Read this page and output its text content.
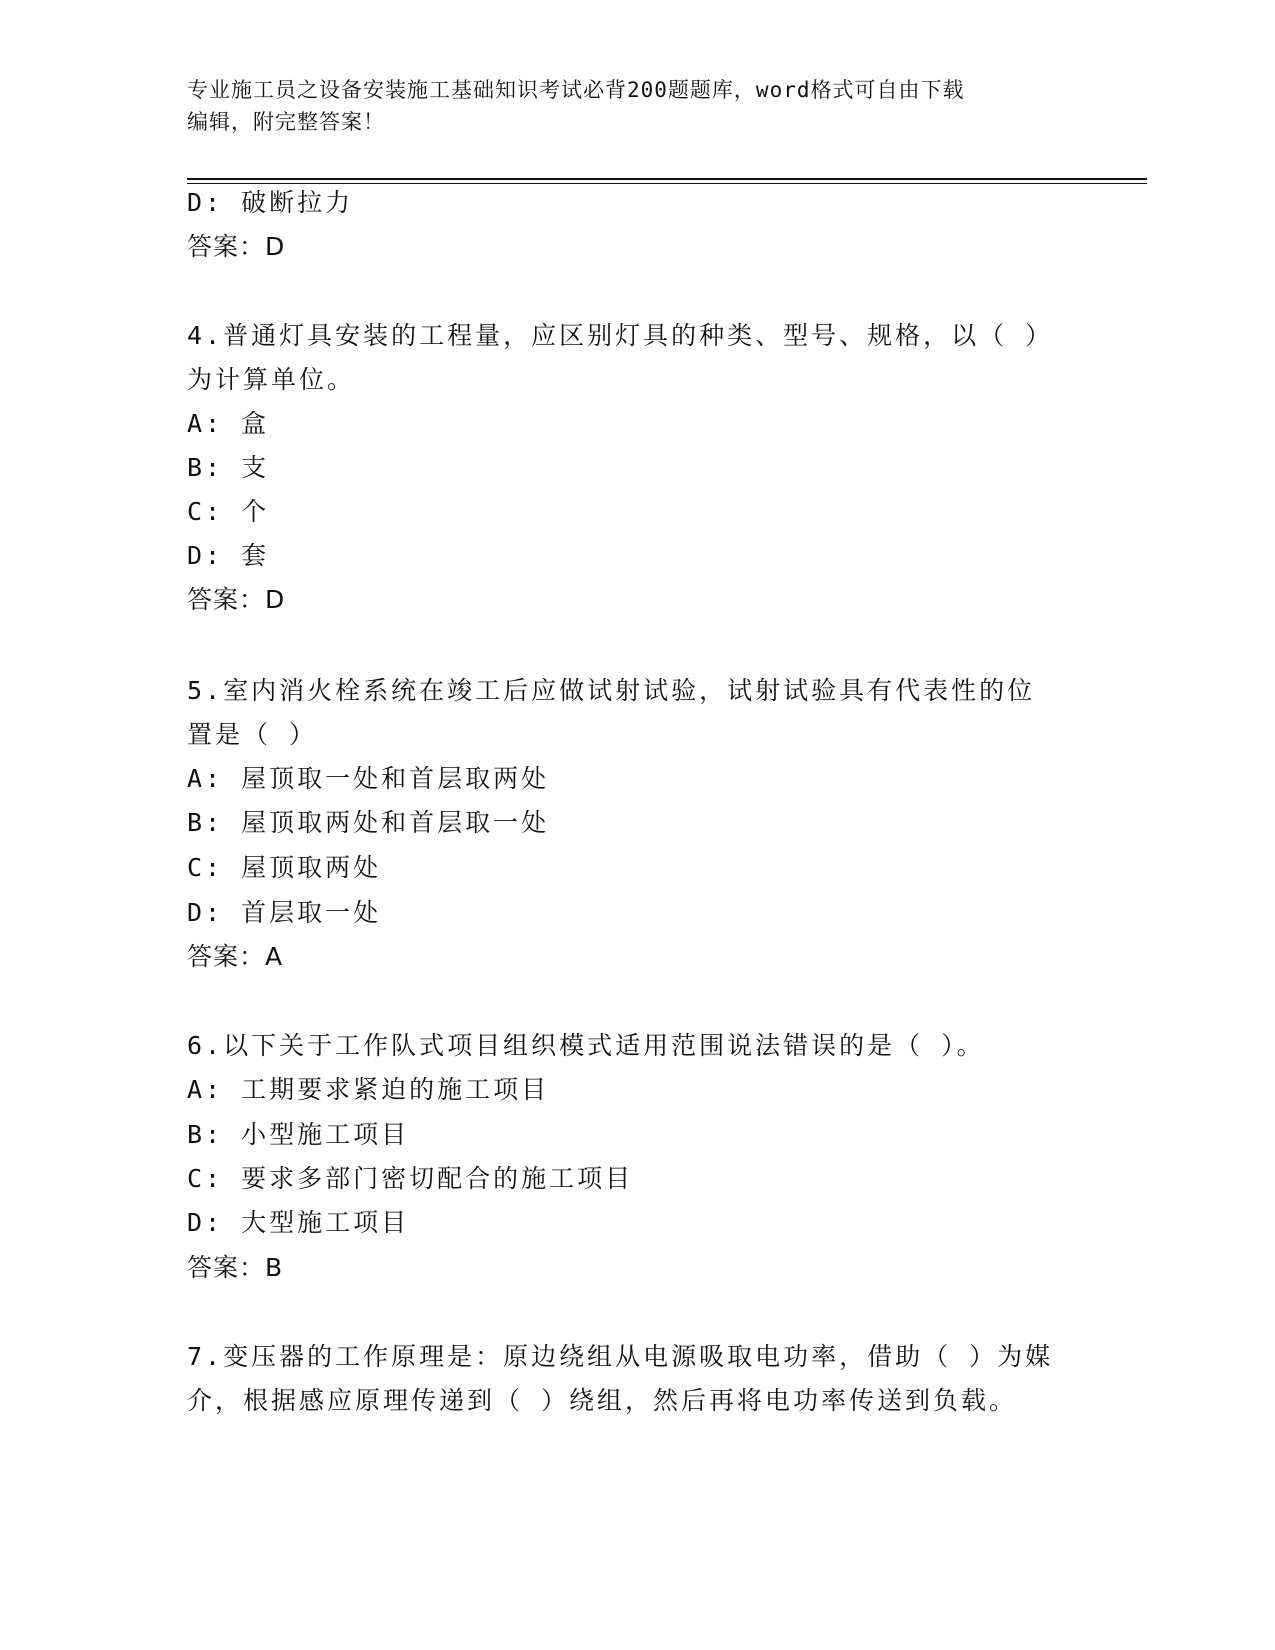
专业施工员之设备安装施工基础知识考试必背200题题库，word格式可自由下载
编辑，附完整答案！
D: 破断拉力
答案：D
4.普通灯具安装的工程量，应区别灯具的种类、型号、规格，以（ ）
为计算单位。
A: 盒
B: 支
C: 个
D: 套
答案：D
5.室内消火栓系统在竣工后应做试射试验，试射试验具有代表性的位
置是（ ）
A: 屋顶取一处和首层取两处
B: 屋顶取两处和首层取一处
C: 屋顶取两处
D: 首层取一处
答案：A
6.以下关于工作队式项目组织模式适用范围说法错误的是（ ）。
A: 工期要求紧迫的施工项目
B: 小型施工项目
C: 要求多部门密切配合的施工项目
D: 大型施工项目
答案：B
7.变压器的工作原理是：原边绕组从电源吸取电功率，借助（ ）为媒
介，根据感应原理传递到（ ）绕组，然后再将电功率传送到负载。
